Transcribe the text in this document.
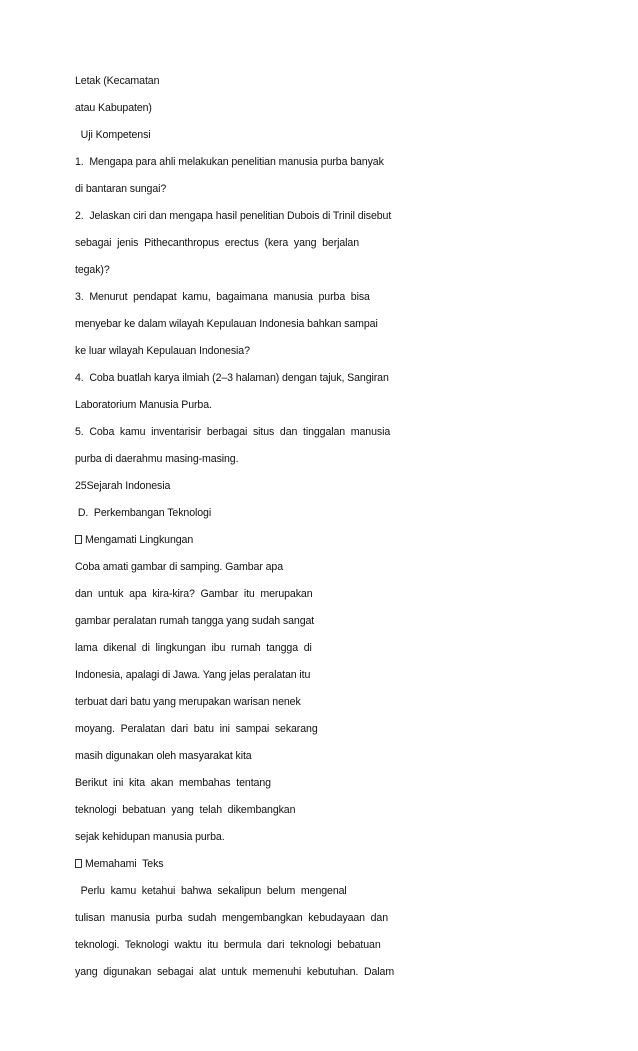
Letak (Kecamatan
atau Kabupaten)
Uji Kompetensi
1.  Mengapa para ahli melakukan penelitian manusia purba banyak
di bantaran sungai?
2.  Jelaskan ciri dan mengapa hasil penelitian Dubois di Trinil disebut
sebagai  jenis  Pithecanthropus  erectus  (kera  yang  berjalan
tegak)?
3.  Menurut  pendapat  kamu,  bagaimana  manusia  purba  bisa
menyebar ke dalam wilayah Kepulauan Indonesia bahkan sampai
ke luar wilayah Kepulauan Indonesia?
4.  Coba buatlah karya ilmiah (2–3 halaman) dengan tajuk, Sangiran
Laboratorium Manusia Purba.
5.  Coba  kamu  inventarisir  berbagai  situs  dan  tinggalan  manusia
purba di daerahmu masing-masing.
25Sejarah Indonesia
D.  Perkembangan Teknologi
Mengamati Lingkungan
Coba amati gambar di samping. Gambar apa
dan  untuk  apa  kira-kira?  Gambar  itu  merupakan
gambar peralatan rumah tangga yang sudah sangat
lama  dikenal  di  lingkungan  ibu  rumah  tangga  di
Indonesia, apalagi di Jawa. Yang jelas peralatan itu
terbuat dari batu yang merupakan warisan nenek
moyang.  Peralatan  dari  batu  ini  sampai  sekarang
masih digunakan oleh masyarakat kita
Berikut  ini  kita  akan  membahas  tentang
teknologi  bebatuan  yang  telah  dikembangkan
sejak kehidupan manusia purba.
Memahami  Teks
Perlu  kamu  ketahui  bahwa  sekalipun  belum  mengenal
tulisan  manusia  purba  sudah  mengembangkan  kebudayaan  dan
teknologi.  Teknologi  waktu  itu  bermula  dari  teknologi  bebatuan
yang  digunakan  sebagai  alat  untuk  memenuhi  kebutuhan.  Dalam
